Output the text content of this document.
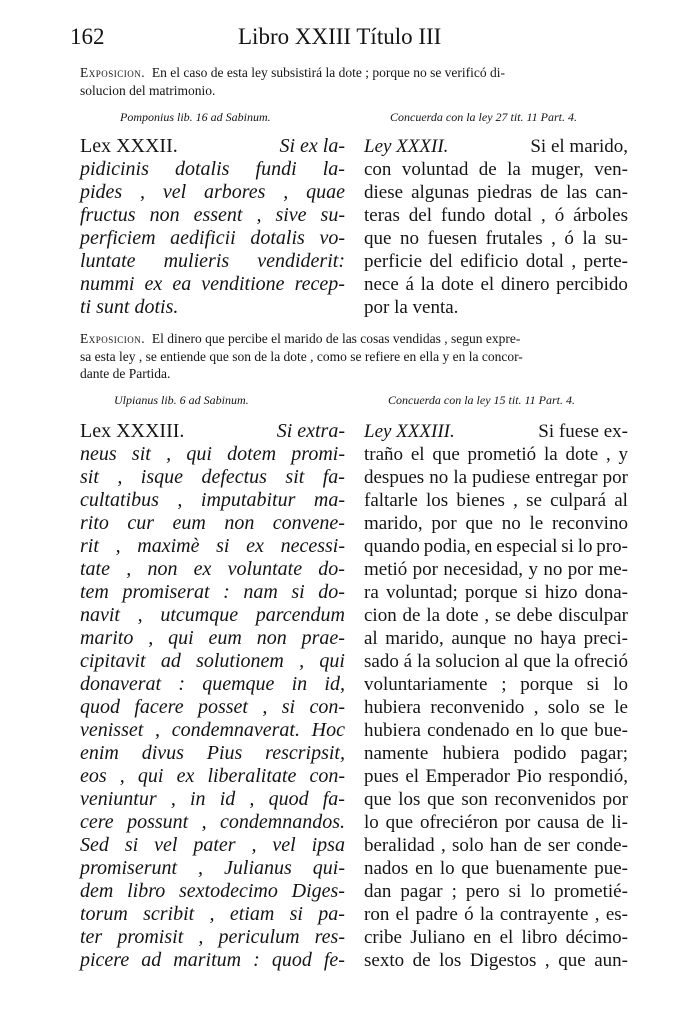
162	Libro XXIII Título III
Exposicion. En el caso de esta ley subsistirá la dote ; porque no se verificó di-
solucion del matrimonio.
Pomponius lib. 16 ad Sabinum.	Concuerda con la ley 27 tit. 11 Part. 4.
Lex XXXII.	Si ex la-
pidicinis dotalis fundi la-
pides , vel arbores , quae
fructus non essent , sive su-
perficiem aedificii dotalis vo-
luntate mulieris vendiderit:
nummi ex ea venditione recep-
ti sunt dotis.
Ley XXXII.	Si el marido,
con voluntad de la muger, ven-
diese algunas piedras de las can-
teras del fundo dotal , ó árboles
que no fuesen frutales , ó la su-
perficie del edificio dotal , perte-
nece á la dote el dinero percibido
por la venta.
Exposicion. El dinero que percibe el marido de las cosas vendidas , segun expre-
sa esta ley , se entiende que son de la dote , como se refiere en ella y en la concor-
dante de Partida.
Ulpianus lib. 6 ad Sabinum.	Concuerda con la ley 15 tit. 11 Part. 4.
Lex XXXIII.	Si extra-
neus sit , qui dotem promi-
sit , isque defectus sit fa-
cultatibus , imputabitur ma-
rito cur eum non convene-
rit , maximè si ex necessi-
tate , non ex voluntate do-
tem promiserat : nam si do-
navit , utcumque parcendum
marito , qui eum non prae-
cipitavit ad solutionem , qui
donaverat : quemque in id,
quod facere posset , si con-
venisset , condemnaverat. Hoc
enim divus Pius rescripsit,
eos , qui ex liberalitate con-
veniuntur , in id , quod fa-
cere possunt , condemnandos.
Sed si vel pater , vel ipsa
promiserunt , Julianus qui-
dem libro sextodecimo Diges-
torum scribit , etiam si pa-
ter promisit , periculum res-
picere ad maritum : quod fe-
Ley XXXIII.	Si fuese ex-
traño el que prometió la dote , y
despues no la pudiese entregar por
faltarle los bienes , se culpará al
marido, por que no le reconvino
quando podia, en especial si lo pro-
metió por necesidad, y no por me-
ra voluntad; porque si hizo dona-
cion de la dote , se debe disculpar
al marido, aunque no haya preci-
sado á la solucion al que la ofreció
voluntariamente ; porque si lo
hubiera reconvenido , solo se le
hubiera condenado en lo que bue-
namente hubiera podido pagar;
pues el Emperador Pio respondió,
que los que son reconvenidos por
lo que ofreciéron por causa de li-
beralidad , solo han de ser conde-
nados en lo que buenamente pue-
dan pagar ; pero si lo prometié-
ron el padre ó la contrayente , es-
cribe Juliano en el libro décimo-
sexto de los Digestos , que aun-
